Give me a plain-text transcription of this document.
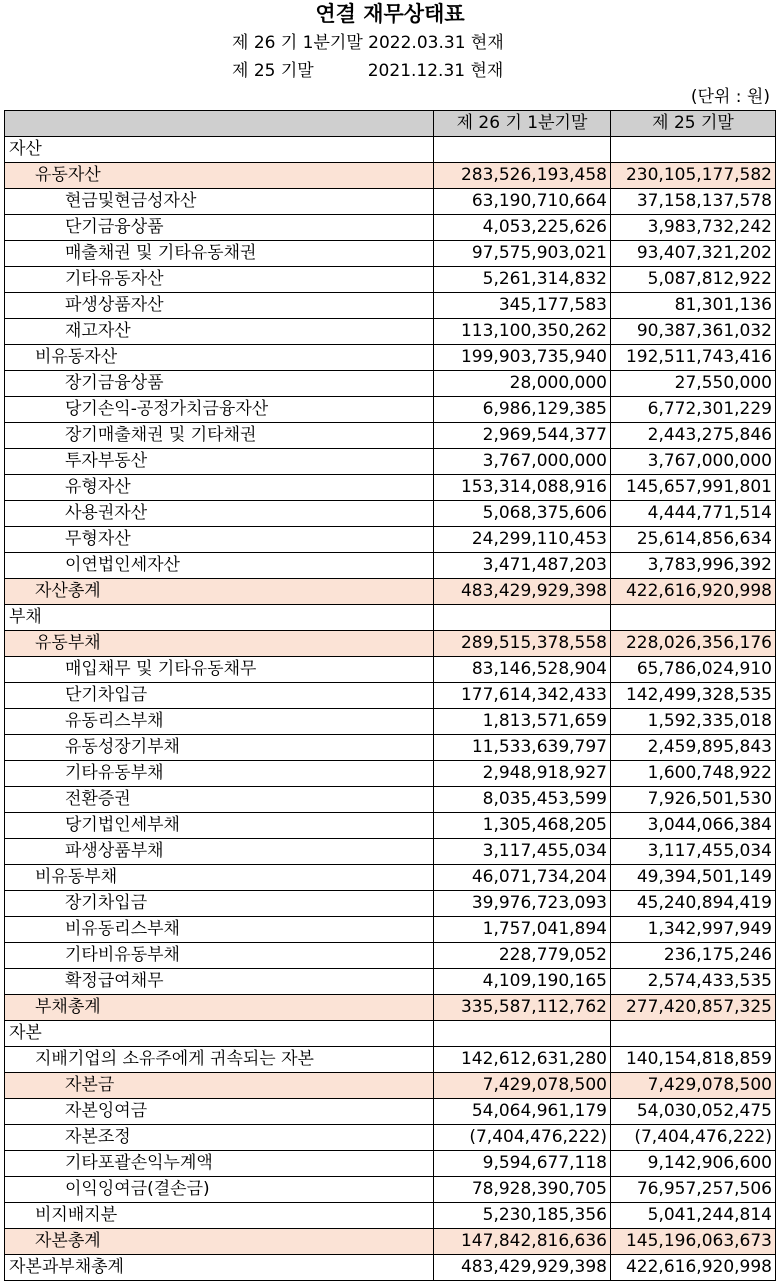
연결 재무상태표
제 26 기 1분기말 2022.03.31 현재
제 25 기말          2021.12.31 현재
(단위 : 원)
	제 26 기 1분기말	제 25 기말
자산		
유동자산	283,526,193,458	230,105,177,582
현금및현금성자산	63,190,710,664	37,158,137,578
단기금융상품	4,053,225,626	3,983,732,242
매출채권 및 기타유동채권	97,575,903,021	93,407,321,202
기타유동자산	5,261,314,832	5,087,812,922
파생상품자산	345,177,583	81,301,136
재고자산	113,100,350,262	90,387,361,032
비유동자산	199,903,735,940	192,511,743,416
장기금융상품	28,000,000	27,550,000
당기손익-공정가치금융자산	6,986,129,385	6,772,301,229
장기매출채권 및 기타채권	2,969,544,377	2,443,275,846
투자부동산	3,767,000,000	3,767,000,000
유형자산	153,314,088,916	145,657,991,801
사용권자산	5,068,375,606	4,444,771,514
무형자산	24,299,110,453	25,614,856,634
이연법인세자산	3,471,487,203	3,783,996,392
자산총계	483,429,929,398	422,616,920,998
부채		
유동부채	289,515,378,558	228,026,356,176
매입채무 및 기타유동채무	83,146,528,904	65,786,024,910
단기차입금	177,614,342,433	142,499,328,535
유동리스부채	1,813,571,659	1,592,335,018
유동성장기부채	11,533,639,797	2,459,895,843
기타유동부채	2,948,918,927	1,600,748,922
전환증권	8,035,453,599	7,926,501,530
당기법인세부채	1,305,468,205	3,044,066,384
파생상품부채	3,117,455,034	3,117,455,034
비유동부채	46,071,734,204	49,394,501,149
장기차입금	39,976,723,093	45,240,894,419
비유동리스부채	1,757,041,894	1,342,997,949
기타비유동부채	228,779,052	236,175,246
확정급여채무	4,109,190,165	2,574,433,535
부채총계	335,587,112,762	277,420,857,325
자본		
지배기업의 소유주에게 귀속되는 자본	142,612,631,280	140,154,818,859
자본금	7,429,078,500	7,429,078,500
자본잉여금	54,064,961,179	54,030,052,475
자본조정	(7,404,476,222)	(7,404,476,222)
기타포괄손익누계액	9,594,677,118	9,142,906,600
이익잉여금(결손금)	78,928,390,705	76,957,257,506
비지배지분	5,230,185,356	5,041,244,814
자본총계	147,842,816,636	145,196,063,673
자본과부채총계	483,429,929,398	422,616,920,998
